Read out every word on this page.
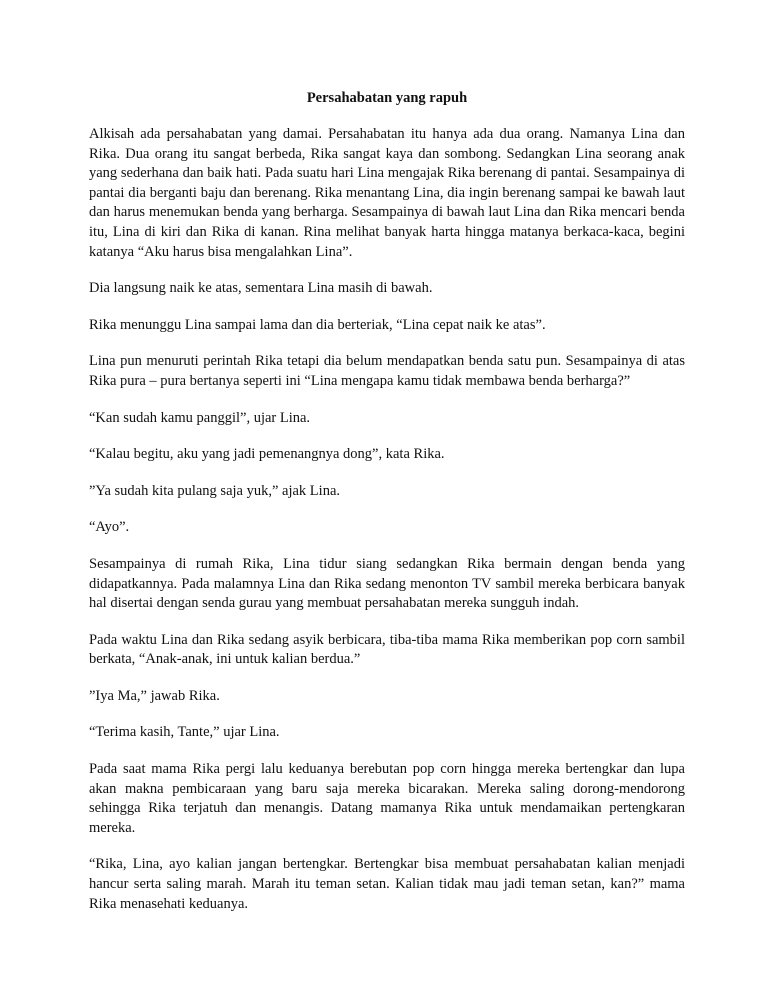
Persahabatan yang rapuh

Alkisah ada persahabatan yang damai. Persahabatan itu hanya ada dua orang. Namanya Lina dan Rika. Dua orang itu sangat berbeda, Rika sangat kaya dan sombong. Sedangkan Lina seorang anak yang sederhana dan baik hati. Pada suatu hari Lina mengajak Rika berenang di pantai. Sesampainya di pantai dia berganti baju dan berenang. Rika menantang Lina, dia ingin berenang sampai ke bawah laut dan harus menemukan benda yang berharga. Sesampainya di bawah laut Lina dan Rika mencari benda itu, Lina di kiri dan Rika di kanan. Rina melihat banyak harta hingga matanya berkaca-kaca, begini katanya “Aku harus bisa mengalahkan Lina”.

Dia langsung naik ke atas, sementara Lina masih di bawah.

Rika menunggu Lina sampai lama dan dia berteriak, “Lina cepat naik ke atas”.

Lina pun menuruti perintah Rika tetapi dia belum mendapatkan benda satu pun. Sesampainya di atas Rika pura – pura bertanya seperti ini “Lina mengapa kamu tidak membawa benda berharga?”

“Kan sudah kamu panggil”, ujar Lina.

“Kalau begitu, aku yang jadi pemenangnya dong”, kata Rika.

”Ya sudah kita pulang saja yuk,” ajak Lina.

“Ayo”.

Sesampainya di rumah Rika, Lina tidur siang sedangkan Rika bermain dengan benda yang didapatkannya. Pada malamnya Lina dan Rika sedang menonton TV sambil mereka berbicara banyak hal disertai dengan senda gurau yang membuat persahabatan mereka sungguh indah.

Pada waktu Lina dan Rika sedang asyik berbicara, tiba-tiba mama Rika memberikan pop corn sambil berkata, “Anak-anak, ini untuk kalian berdua.”

”Iya Ma,” jawab Rika.

“Terima kasih, Tante,” ujar Lina.

Pada saat mama Rika pergi lalu keduanya berebutan pop corn hingga mereka bertengkar dan lupa akan makna pembicaraan yang baru saja mereka bicarakan. Mereka saling dorong-mendorong sehingga Rika terjatuh dan menangis. Datang mamanya Rika untuk mendamaikan pertengkaran mereka.

“Rika, Lina, ayo kalian jangan bertengkar. Bertengkar bisa membuat persahabatan kalian menjadi hancur serta saling marah. Marah itu teman setan. Kalian tidak mau jadi teman setan, kan?” mama Rika menasehati keduanya.
